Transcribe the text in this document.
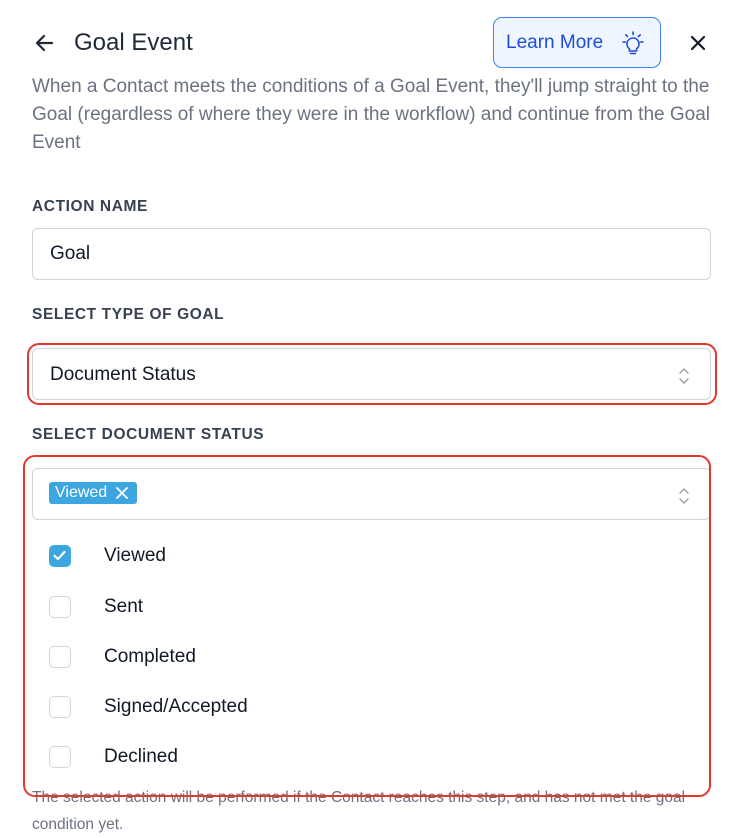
Goal Event	Learn More

When a Contact meets the conditions of a Goal Event, they'll jump straight to the Goal (regardless of where they were in the workflow) and continue from the Goal Event

ACTION NAME
Goal
SELECT TYPE OF GOAL
Document Status
SELECT DOCUMENT STATUS
Viewed

The selected action will be performed if the Contact reaches this step, and has not met the goal condition yet.

Viewed
Sent
Completed
Signed/Accepted
Declined
